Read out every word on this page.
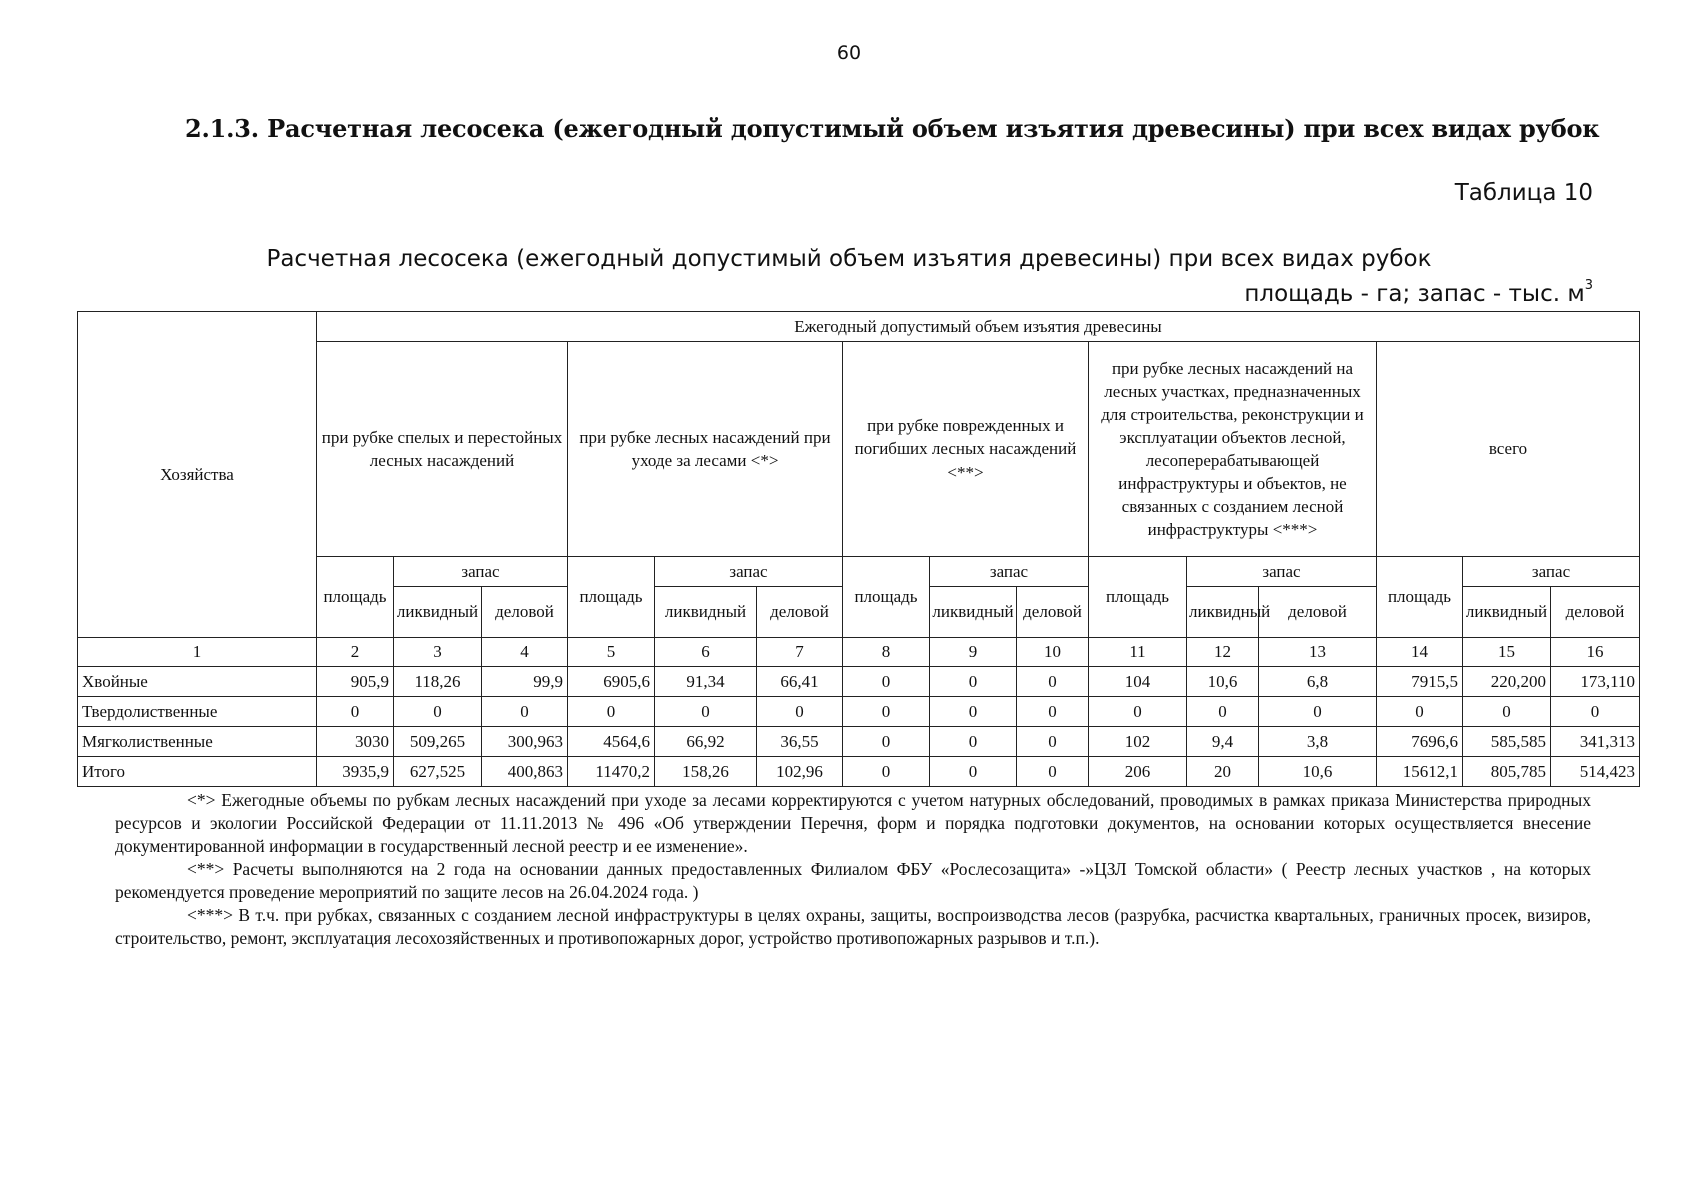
60
2.1.3. Расчетная лесосека (ежегодный допустимый объем изъятия древесины) при всех видах рубок
Таблица 10
Расчетная лесосека (ежегодный допустимый объем изъятия древесины) при всех видах рубок
площадь - га; запас - тыс. $м^3$
Хозяйства	Ежегодный допустимый объем изъятия древесины														
	при рубке спелых и перестойных лесных насаждений			при рубке лесных насаждений при уходе за лесами <*>			при рубке поврежденных и погибших лесных насаждений <**>			при рубке лесных насаждений на лесных участках, предназначенных для строительства, реконструкции и эксплуатации объектов лесной, лесоперерабатывающей инфраструктуры и объектов, не связанных с созданием лесной инфраструктуры <***>			всего		
	площадь	запас		площадь	запас		площадь	запас		площадь	запас		площадь	запас	
		ликвидный	деловой		ликвидный	деловой		ликвидный	деловой		ликвидный	деловой		ликвидный	деловой
1	2	3	4	5	6	7	8	9	10	11	12	13	14	15	16
Хвойные	905,9	118,26	99,9	6905,6	91,34	66,41	0	0	0	104	10,6	6,8	7915,5	220,200	173,110
Твердолиственные	0	0	0	0	0	0	0	0	0	0	0	0	0	0	0
Мягколиственные	3030	509,265	300,963	4564,6	66,92	36,55	0	0	0	102	9,4	3,8	7696,6	585,585	341,313
Итого	3935,9	627,525	400,863	11470,2	158,26	102,96	0	0	0	206	20	10,6	15612,1	805,785	514,423

<*> Ежегодные объемы по рубкам лесных насаждений при уходе за лесами корректируются с учетом натурных обследований, проводимых в рамках приказа Министерства природных ресурсов и экологии Российской Федерации от 11.11.2013 № 496 «Об утверждении Перечня, форм и порядка подготовки документов, на основании которых осуществляется внесение документированной информации в государственный лесной реестр и ее изменение».

<**> Расчеты выполняются на 2 года на основании данных предоставленных Филиалом ФБУ «Рослесозащита» -»ЦЗЛ Томской области» ( Реестр лесных участков , на которых рекомендуется проведение мероприятий по защите лесов на 26.04.2024 года. )

<***> В т.ч. при рубках, связанных с созданием лесной инфраструктуры в целях охраны, защиты, воспроизводства лесов (разрубка, расчистка квартальных, граничных просек, визиров, строительство, ремонт, эксплуатация лесохозяйственных и противопожарных дорог, устройство противопожарных разрывов и т.п.).
